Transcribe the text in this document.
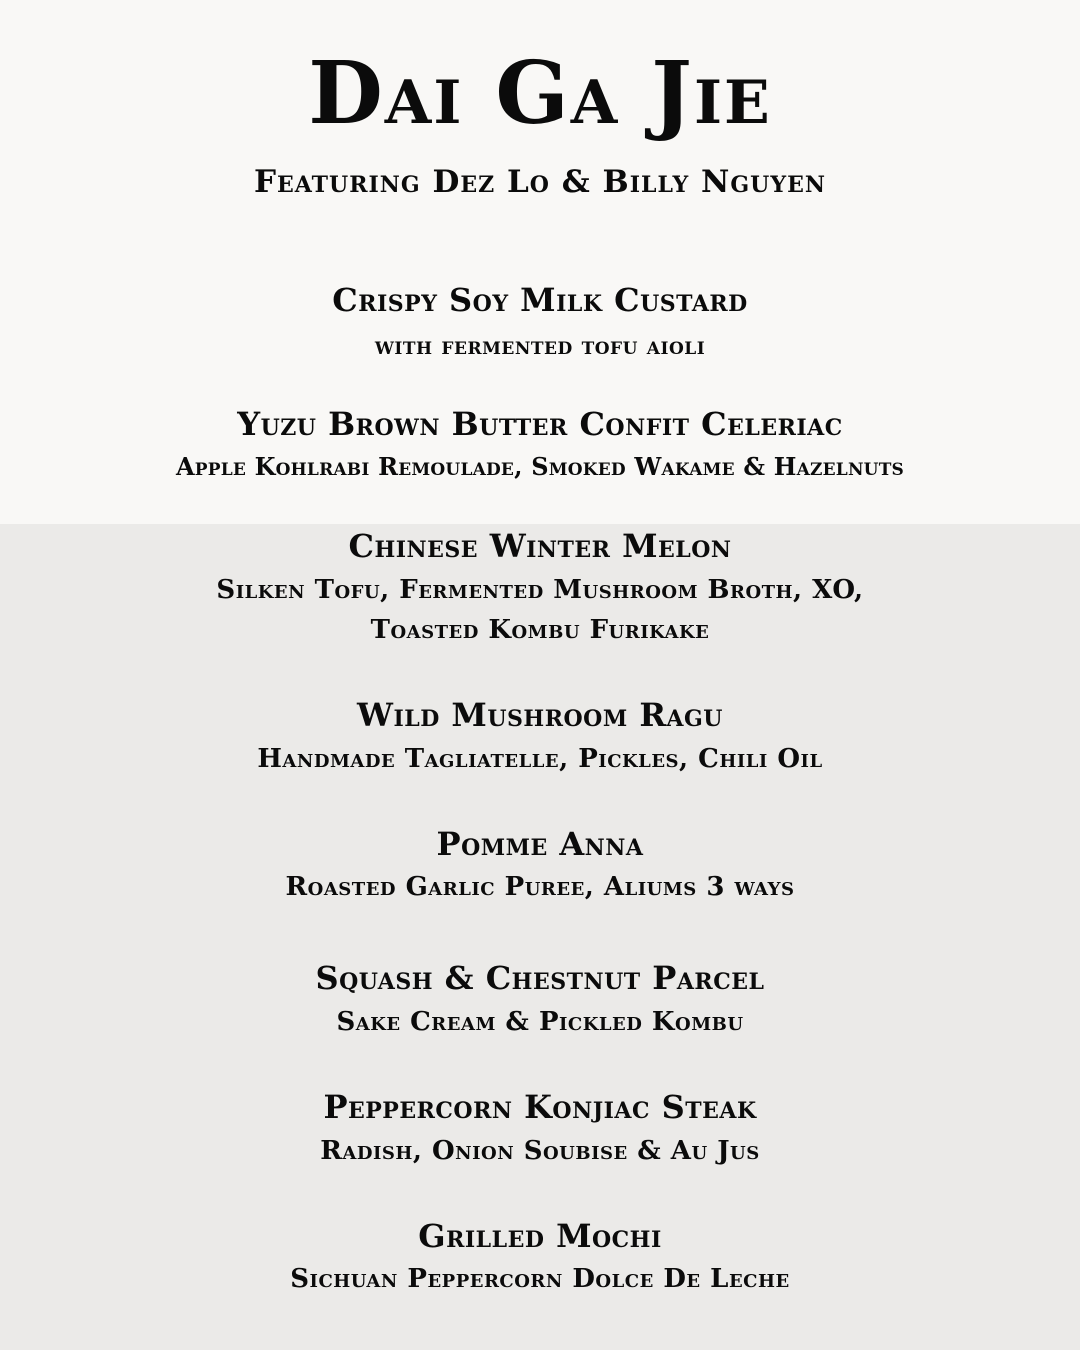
Dai Ga Jie
Featuring Dez Lo & Billy Nguyen
Crispy Soy Milk Custard
with fermented tofu aioli
Yuzu Brown Butter Confit Celeriac
Apple Kohlrabi Remoulade, Smoked Wakame & Hazelnuts
Chinese Winter Melon
Silken Tofu, Fermented Mushroom Broth, XO,
Toasted Kombu Furikake
Wild Mushroom Ragu
Handmade Tagliatelle, Pickles, Chili Oil
Pomme Anna
Roasted Garlic Puree, Aliums 3 ways
Squash & Chestnut Parcel
Sake Cream & Pickled Kombu
Peppercorn Konjiac Steak
Radish, Onion Soubise & Au Jus
Grilled Mochi
Sichuan Peppercorn Dolce De Leche
